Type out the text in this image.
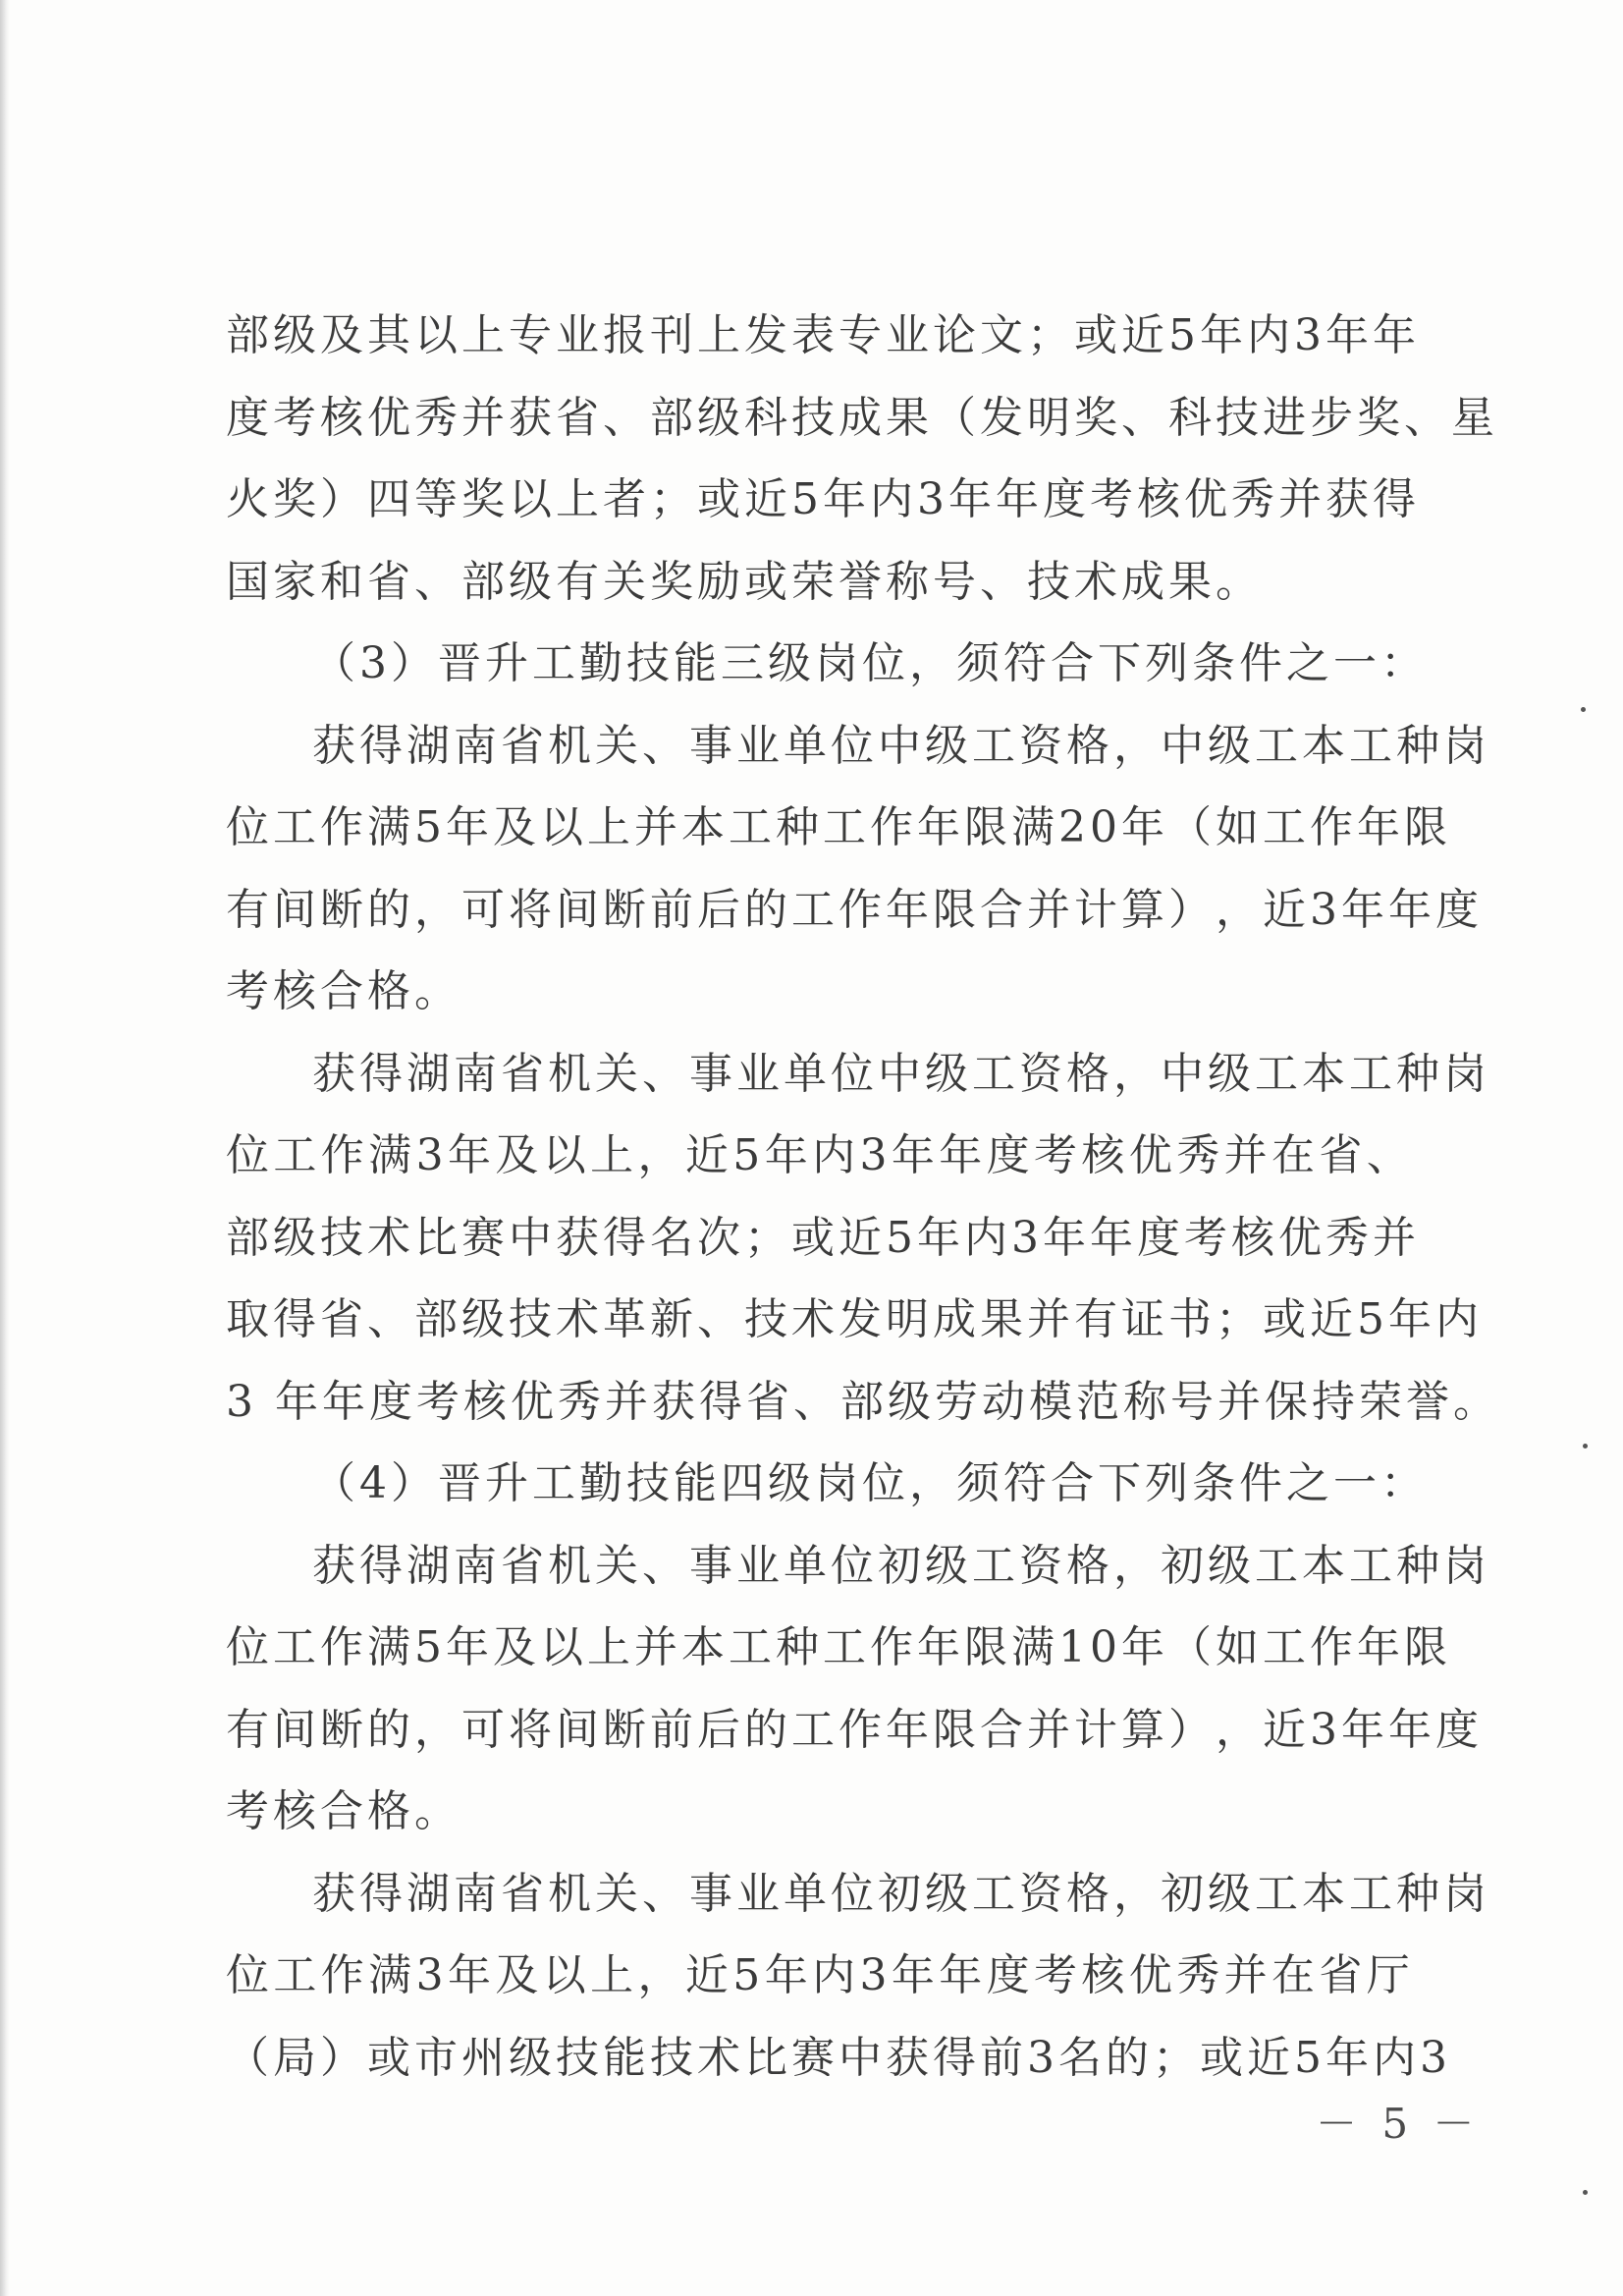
部 级 及 其 以 上 专 业 报 刊 上 发 表 专 业 论 文 ； 或 近 5 年 内 3 年 年
度 考 核 优 秀 并 获 省 、 部 级 科 技 成 果 （ 发 明 奖 、 科 技 进 步 奖 、 星
火 奖 ） 四 等 奖 以 上 者 ； 或 近 5 年 内 3 年 年 度 考 核 优 秀 并 获 得
国家和省、部级有关奖励或荣誉称号、技术成果。
（3）晋升工勤技能三级岗位，须符合下列条件之一：
获 得 湖 南 省 机 关 、 事 业 单 位 中 级 工 资 格 ， 中 级 工 本 工 种 岗
位 工 作 满 5 年 及 以 上 并 本 工 种 工 作 年 限 满 20 年 （ 如 工 作 年 限
有 间 断 的 ， 可 将 间 断 前 后 的 工 作 年 限 合 并 计 算 ） ， 近 3 年 年 度
考核合格。
获 得 湖 南 省 机 关 、 事 业 单 位 中 级 工 资 格 ， 中 级 工 本 工 种 岗
位 工 作 满 3 年 及 以 上 ， 近 5 年 内 3 年 年 度 考 核 优 秀 并 在 省 、
部 级 技 术 比 赛 中 获 得 名 次 ； 或 近 5 年 内 3 年 年 度 考 核 优 秀 并
取 得 省 、 部 级 技 术 革 新 、 技 术 发 明 成 果 并 有 证 书 ； 或 近 5 年 内
3 年年度考核优秀并获得省、部级劳动模范称号并保持荣誉。
（4）晋升工勤技能四级岗位，须符合下列条件之一：
获 得 湖 南 省 机 关 、 事 业 单 位 初 级 工 资 格 ， 初 级 工 本 工 种 岗
位 工 作 满 5 年 及 以 上 并 本 工 种 工 作 年 限 满 10 年 （ 如 工 作 年 限
有 间 断 的 ， 可 将 间 断 前 后 的 工 作 年 限 合 并 计 算 ） ， 近 3 年 年 度
考核合格。
获 得 湖 南 省 机 关 、 事 业 单 位 初 级 工 资 格 ， 初 级 工 本 工 种 岗
位 工 作 满 3 年 及 以 上 ， 近 5 年 内 3 年 年 度 考 核 优 秀 并 在 省 厅
（ 局 ） 或 市 州 级 技 能 技 术 比 赛 中 获 得 前 3 名 的 ； 或 近 5 年 内 3
－ 5 －
